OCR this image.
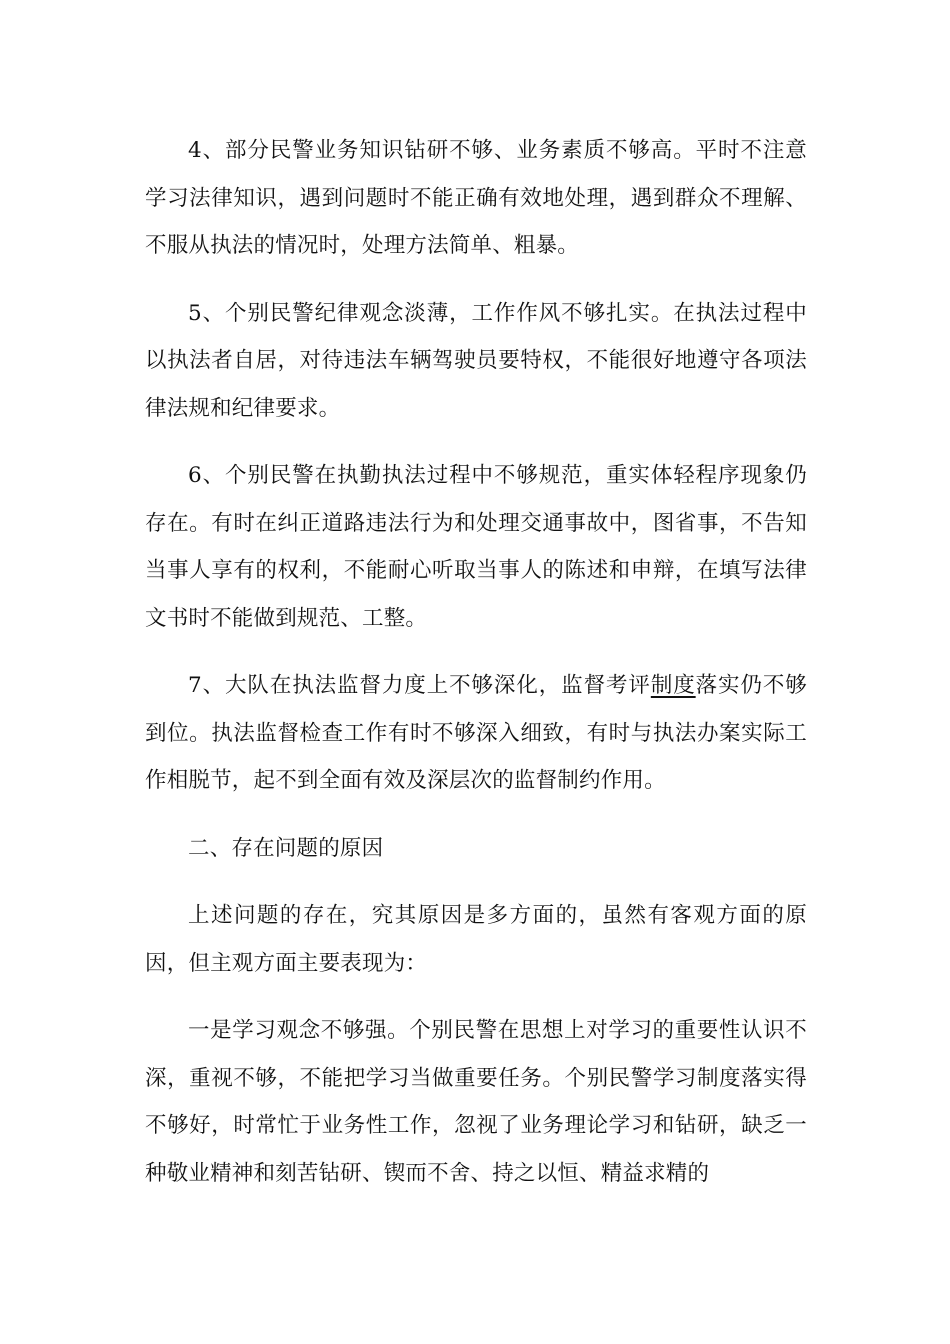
4、部分民警业务知识钻研不够、业务素质不够高。平时不注意学习法律知识，遇到问题时不能正确有效地处理，遇到群众不理解、不服从执法的情况时，处理方法简单、粗暴。

5、个别民警纪律观念淡薄，工作作风不够扎实。在执法过程中以执法者自居，对待违法车辆驾驶员要特权，不能很好地遵守各项法律法规和纪律要求。

6、个别民警在执勤执法过程中不够规范，重实体轻程序现象仍存在。有时在纠正道路违法行为和处理交通事故中，图省事，不告知当事人享有的权利，不能耐心听取当事人的陈述和申辩，在填写法律文书时不能做到规范、工整。

7、大队在执法监督力度上不够深化，监督考评制度落实仍不够到位。执法监督检查工作有时不够深入细致，有时与执法办案实际工作相脱节，起不到全面有效及深层次的监督制约作用。

二、存在问题的原因

上述问题的存在，究其原因是多方面的，虽然有客观方面的原因，但主观方面主要表现为：

一是学习观念不够强。个别民警在思想上对学习的重要性认识不深，重视不够，不能把学习当做重要任务。个别民警学习制度落实得不够好，时常忙于业务性工作，忽视了业务理论学习和钻研，缺乏一种敬业精神和刻苦钻研、锲而不舍、持之以恒、精益求精的
